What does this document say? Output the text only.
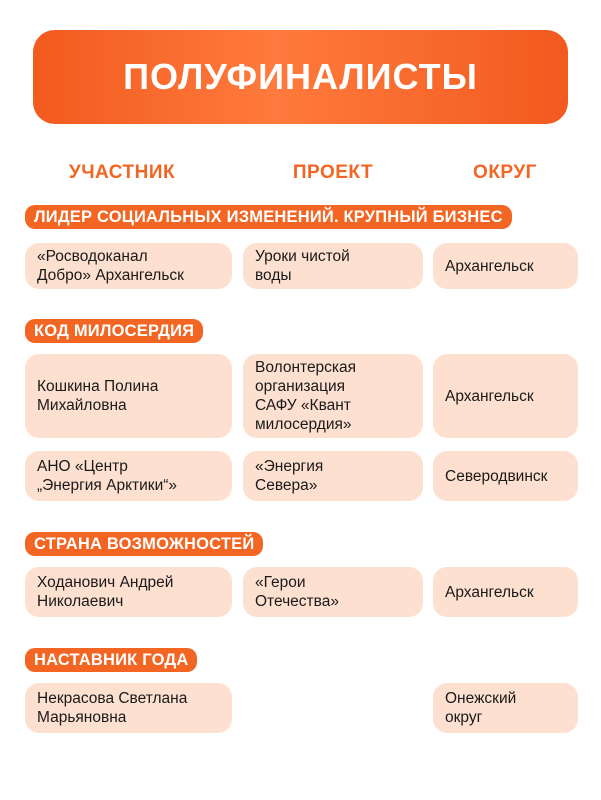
ПОЛУФИНАЛИСТЫ
УЧАСТНИК	ПРОЕКТ	ОКРУГ
ЛИДЕР СОЦИАЛЬНЫХ ИЗМЕНЕНИЙ. КРУПНЫЙ БИЗНЕС
«Росводоканал
Добро» Архангельск
Уроки чистой
воды
Архангельск
КОД МИЛОСЕРДИЯ
Кошкина Полина
Михайловна
Волонтерская
организация
САФУ «Квант
милосердия»
Архангельск
АНО «Центр
„Энергия Арктики“»
«Энергия
Севера»
Северодвинск
СТРАНА ВОЗМОЖНОСТЕЙ
Ходанович Андрей
Николаевич
«Герои
Отечества»
Архангельск
НАСТАВНИК ГОДА
Некрасова Светлана
Марьяновна
Онежский
округ
